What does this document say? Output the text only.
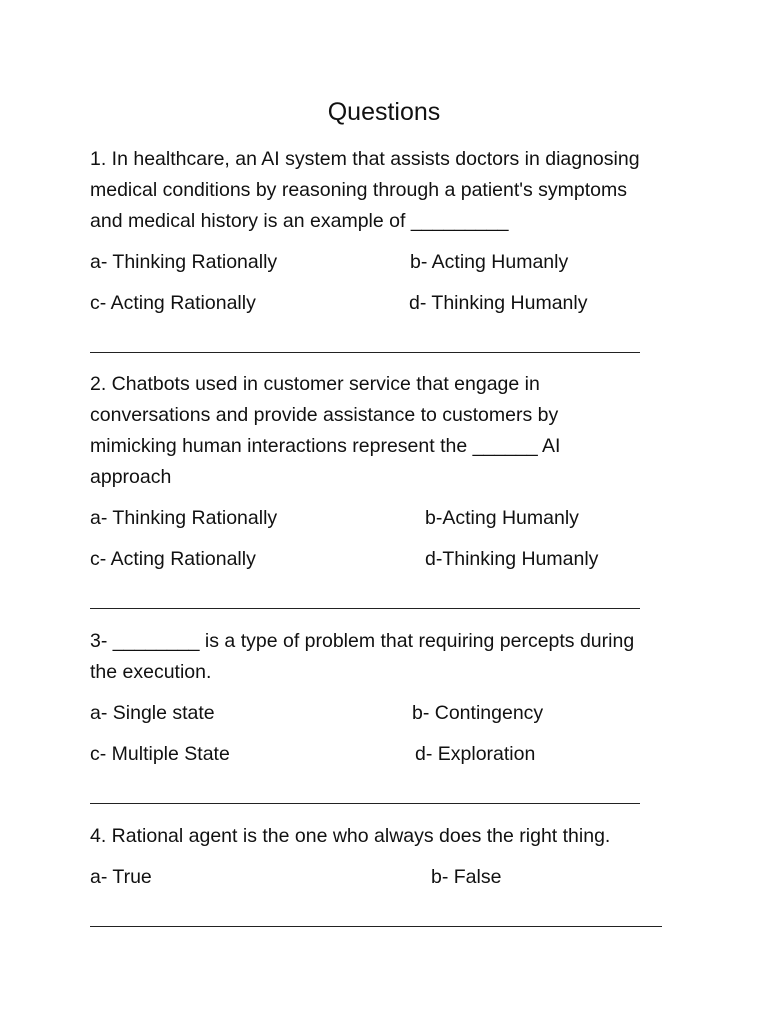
Questions
1. In healthcare, an AI system that assists doctors in diagnosing
medical conditions by reasoning through a patient's symptoms
and medical history is an example of _________
a- Thinking Rationally	b- Acting Humanly
c- Acting Rationally	d- Thinking Humanly
2. Chatbots used in customer service that engage in
conversations and provide assistance to customers by
mimicking human interactions represent the ______ AI
approach
a- Thinking Rationally	b-Acting Humanly
c- Acting Rationally	d-Thinking Humanly
3- ________ is a type of problem that requiring percepts during
the execution.
a- Single state	b- Contingency
c- Multiple State	d- Exploration
4. Rational agent is the one who always does the right thing.
a- True	b- False
